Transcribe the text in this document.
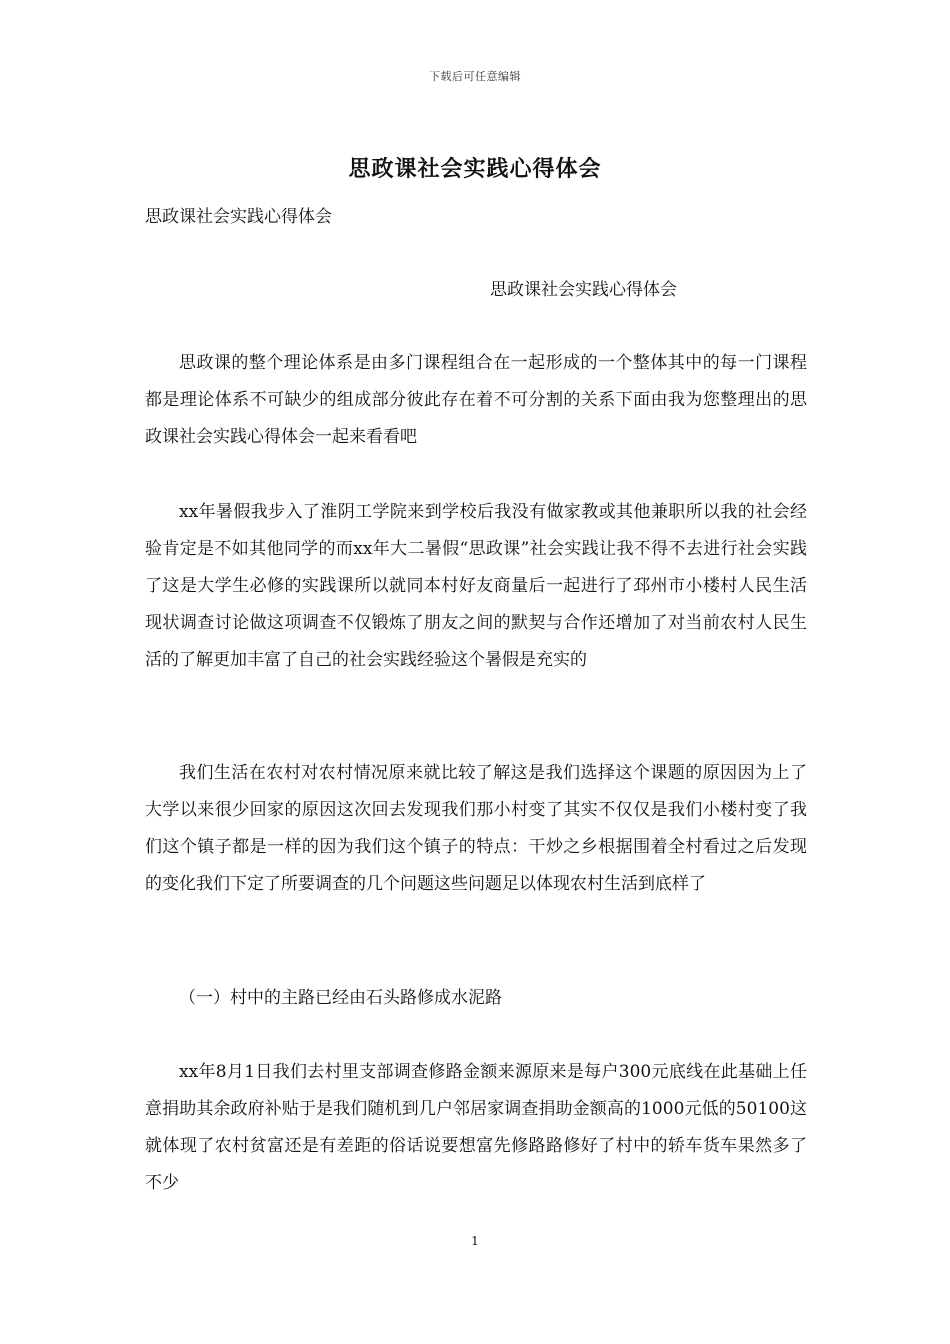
下载后可任意编辑
思政课社会实践心得体会
思政课社会实践心得体会
思政课社会实践心得体会

思政课的整个理论体系是由多门课程组合在一起形成的一个整体其中的每一门课程都是理论体系不可缺少的组成部分彼此存在着不可分割的关系下面由我为您整理出的思政课社会实践心得体会一起来看看吧

xx年暑假我步入了淮阴工学院来到学校后我没有做家教或其他兼职所以我的社会经验肯定是不如其他同学的而xx年大二暑假“思政课”社会实践让我不得不去进行社会实践了这是大学生必修的实践课所以就同本村好友商量后一起进行了邳州市小楼村人民生活现状调查讨论做这项调查不仅锻炼了朋友之间的默契与合作还增加了对当前农村人民生活的了解更加丰富了自己的社会实践经验这个暑假是充实的

我们生活在农村对农村情况原来就比较了解这是我们选择这个课题的原因因为上了大学以来很少回家的原因这次回去发现我们那小村变了其实不仅仅是我们小楼村变了我们这个镇子都是一样的因为我们这个镇子的特点：干炒之乡根据围着全村看过之后发现的变化我们下定了所要调查的几个问题这些问题足以体现农村生活到底样了

（一）村中的主路已经由石头路修成水泥路

xx年8月1日我们去村里支部调查修路金额来源原来是每户300元底线在此基础上任意捐助其余政府补贴于是我们随机到几户邻居家调查捐助金额高的1000元低的50100这就体现了农村贫富还是有差距的俗话说要想富先修路路修好了村中的轿车货车果然多了不少

1
